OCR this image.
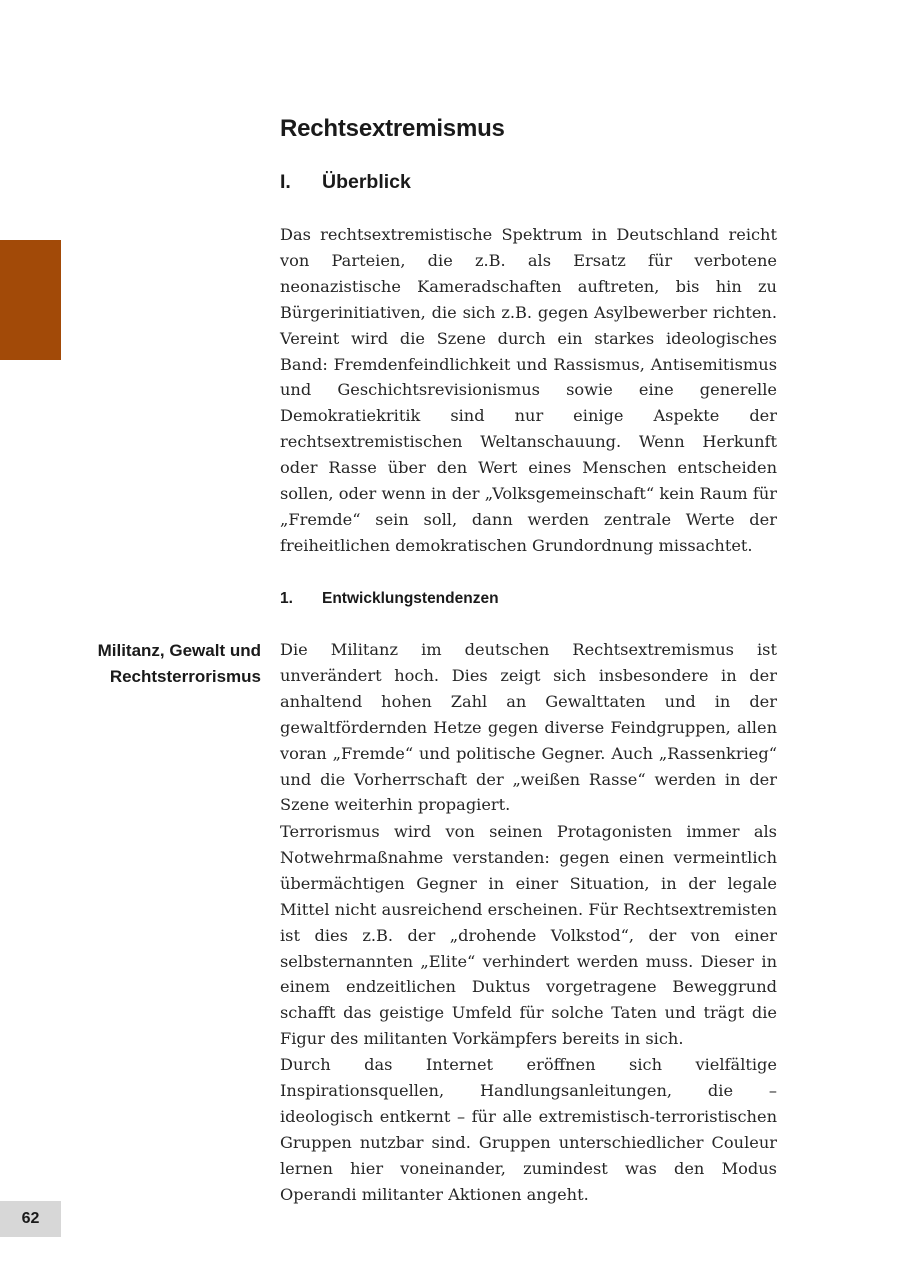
Rechtsextremismus
I.	Überblick

Das rechtsextremistische Spektrum in Deutschland reicht von Parteien, die z.B. als Ersatz für verbotene neonazistische Kameradschaften auftreten, bis hin zu Bürgerinitiativen, die sich z.B. gegen Asylbewerber richten. Vereint wird die Szene durch ein starkes ideologisches Band: Fremdenfeindlichkeit und Rassismus, Antisemitismus und Geschichtsrevisionismus sowie eine generelle Demokratiekritik sind nur einige Aspekte der rechtsextremistischen Weltanschauung. Wenn Herkunft oder Rasse über den Wert eines Menschen entscheiden sollen, oder wenn in der „Volksgemeinschaft“ kein Raum für „Fremde“ sein soll, dann werden zentrale Werte der freiheitlichen demokratischen Grundordnung missachtet.

1.	Entwicklungstendenzen
Militanz, Gewalt und
Rechtsterrorismus

Die Militanz im deutschen Rechtsextremismus ist unverändert hoch. Dies zeigt sich insbesondere in der anhaltend hohen Zahl an Gewalttaten und in der gewaltfördernden Hetze gegen diverse Feindgruppen, allen voran „Fremde“ und politische Gegner. Auch „Rassenkrieg“ und die Vorherrschaft der „weißen Rasse“ werden in der Szene weiterhin propagiert.

Terrorismus wird von seinen Protagonisten immer als Notwehrmaßnahme verstanden: gegen einen vermeintlich übermächtigen Gegner in einer Situation, in der legale Mittel nicht ausreichend erscheinen. Für Rechtsextremisten ist dies z.B. der „drohende Volkstod“, der von einer selbsternannten „Elite“ verhindert werden muss. Dieser in einem endzeitlichen Duktus vorgetragene Beweggrund schafft das geistige Umfeld für solche Taten und trägt die Figur des militanten Vorkämpfers bereits in sich.

Durch das Internet eröffnen sich vielfältige Inspirationsquellen, Handlungsanleitungen, die – ideologisch entkernt – für alle extremistisch-terroristischen Gruppen nutzbar sind. Gruppen unterschiedlicher Couleur lernen hier voneinander, zumindest was den Modus Operandi militanter Aktionen angeht.

62
